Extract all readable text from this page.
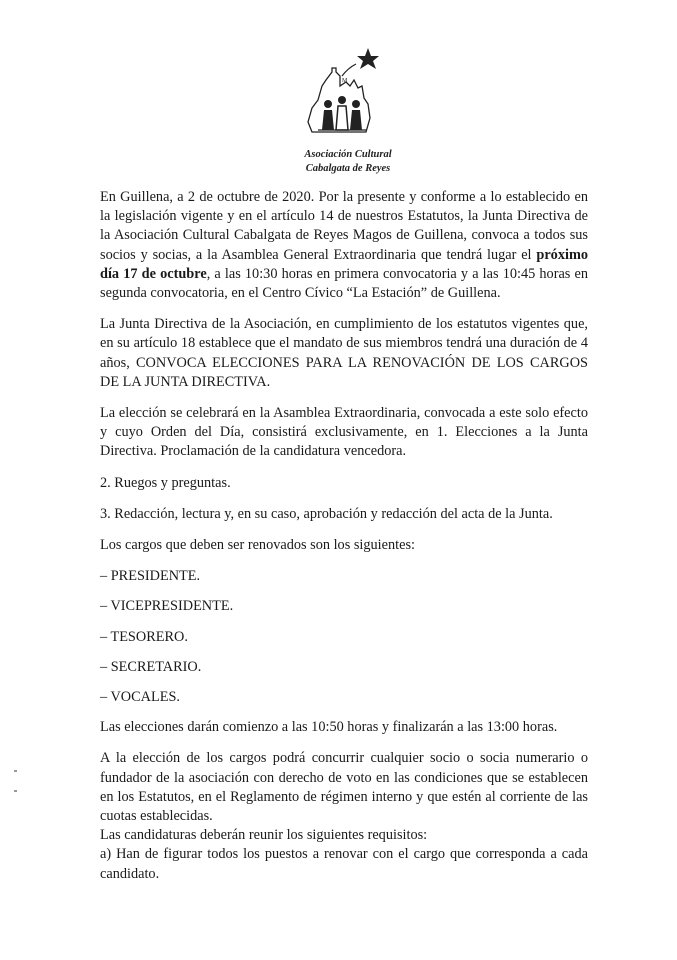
M
Asociación Cultural
Cabalgata de Reyes

En Guillena, a 2 de octubre de 2020. Por la presente y conforme a lo establecido en la legislación vigente y en el artículo 14 de nuestros Estatutos, la Junta Directiva de la Asociación Cultural Cabalgata de Reyes Magos de Guillena, convoca a todos sus socios y socias, a la Asamblea General Extraordinaria que tendrá lugar el próximo día 17 de octubre, a las 10:30 horas en primera convocatoria y a las 10:45 horas en segunda convocatoria, en el Centro Cívico “La Estación” de Guillena.

La Junta Directiva de la Asociación, en cumplimiento de los estatutos vigentes que, en su artículo 18 establece que el mandato de sus miembros tendrá una duración de 4 años, CONVOCA ELECCIONES PARA LA RENOVACIÓN DE LOS CARGOS DE LA JUNTA DIRECTIVA.

La elección se celebrará en la Asamblea Extraordinaria, convocada a este solo efecto y cuyo Orden del Día, consistirá exclusivamente, en 1. Elecciones a la Junta Directiva. Proclamación de la candidatura vencedora.

2. Ruegos y preguntas.

3. Redacción, lectura y, en su caso, aprobación y redacción del acta de la Junta.

Los cargos que deben ser renovados son los siguientes:

– PRESIDENTE.

– VICEPRESIDENTE.

– TESORERO.

– SECRETARIO.

– VOCALES.

Las elecciones darán comienzo a las 10:50 horas y finalizarán a las 13:00 horas.

A la elección de los cargos podrá concurrir cualquier socio o socia numerario o fundador de la asociación con derecho de voto en las condiciones que se establecen en los Estatutos, en el Reglamento de régimen interno y que estén al corriente de las cuotas establecidas.

Las candidaturas deberán reunir los siguientes requisitos:

a) Han de figurar todos los puestos a renovar con el cargo que corresponda a cada candidato.
